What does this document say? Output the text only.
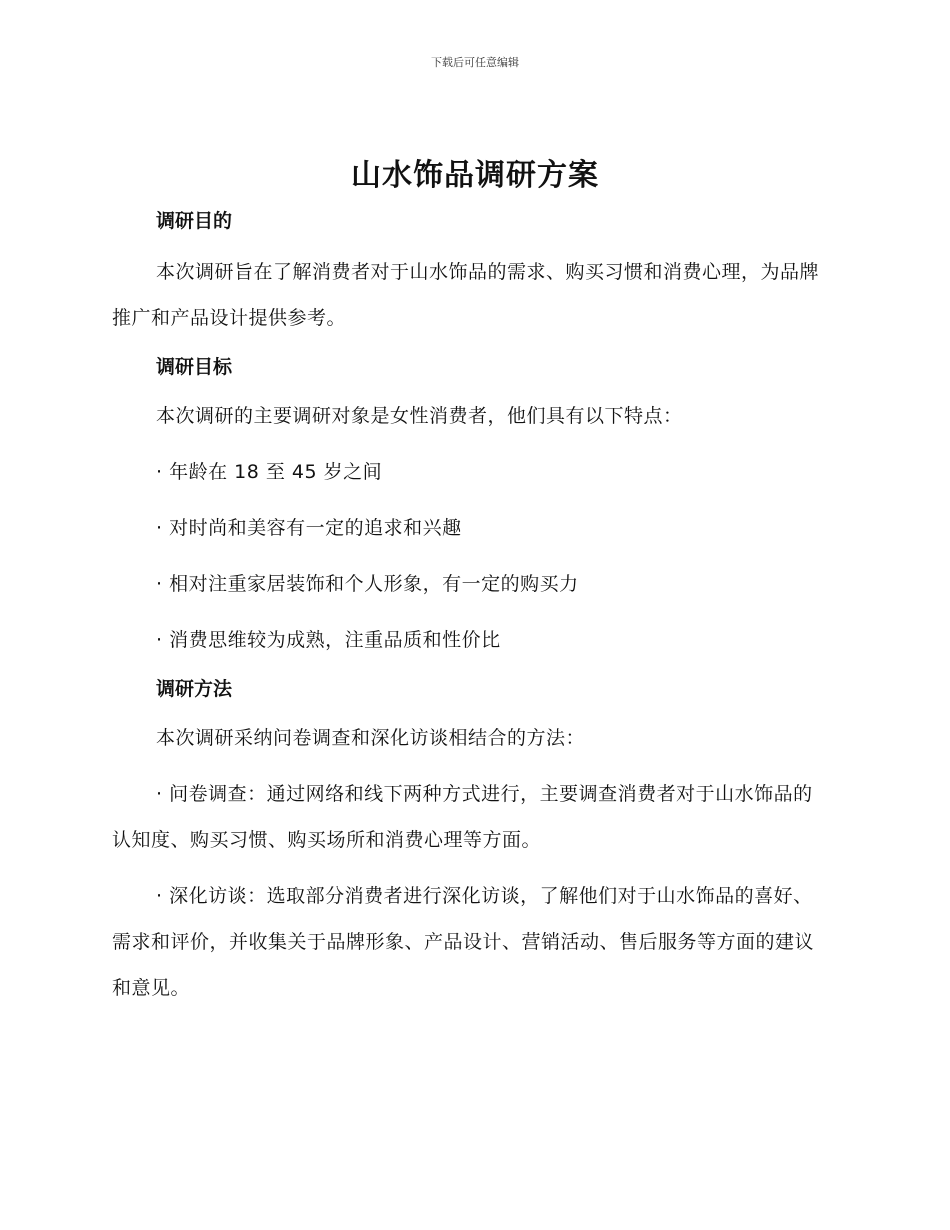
下载后可任意编辑
山水饰品调研方案
调研目的

本次调研旨在了解消费者对于山水饰品的需求、购买习惯和消费心理，为品牌推广和产品设计提供参考。

调研目标

本次调研的主要调研对象是女性消费者，他们具有以下特点：

· 年龄在 18 至 45 岁之间

· 对时尚和美容有一定的追求和兴趣

· 相对注重家居装饰和个人形象，有一定的购买力

· 消费思维较为成熟，注重品质和性价比

调研方法

本次调研采纳问卷调查和深化访谈相结合的方法：

· 问卷调查：通过网络和线下两种方式进行，主要调查消费者对于山水饰品的认知度、购买习惯、购买场所和消费心理等方面。

· 深化访谈：选取部分消费者进行深化访谈，了解他们对于山水饰品的喜好、需求和评价，并收集关于品牌形象、产品设计、营销活动、售后服务等方面的建议和意见。
